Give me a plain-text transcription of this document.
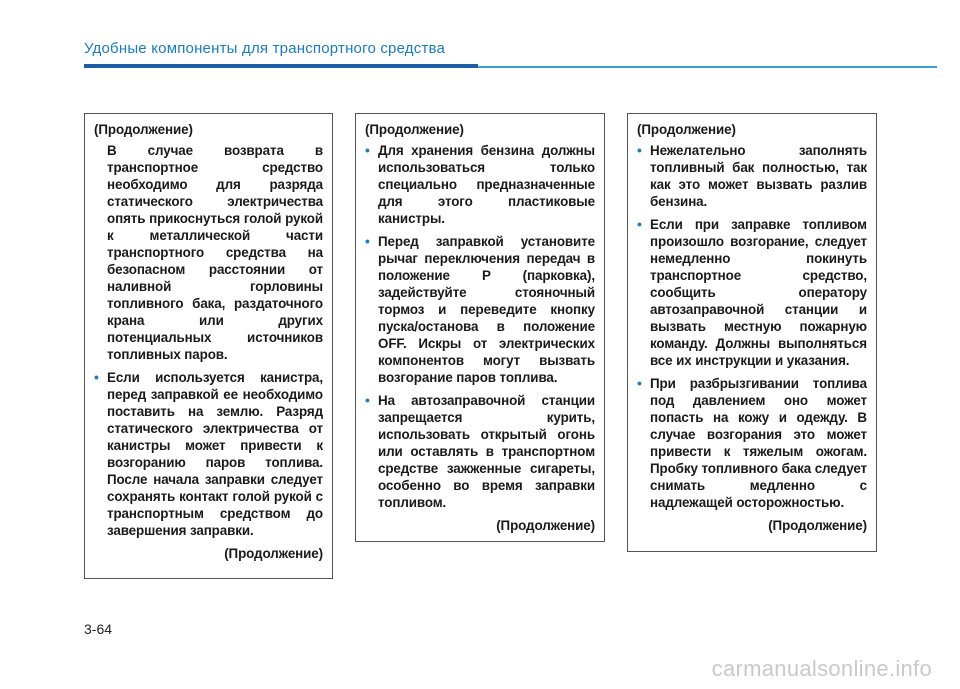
Удобные компоненты для транспортного средства
(Продолжение)
В случае возврата в транспортное средство необходимо для разряда статического электричества опять прикоснуться голой рукой к металлической части транспортного средства на безопасном расстоянии от наливной горловины топливного бака, раздаточного крана или других потенциальных источников топливных паров.
• Если используется канистра, перед заправкой ее необходимо поставить на землю. Разряд статического электричества от канистры может привести к возгоранию паров топлива. После начала заправки следует сохранять контакт голой рукой с транспортным средством до завершения заправки.
(Продолжение)
(Продолжение)
• Для хранения бензина должны использоваться только специально предназначенные для этого пластиковые канистры.
• Перед заправкой установите рычаг переключения передач в положение P (парковка), задействуйте стояночный тормоз и переведите кнопку пуска/останова в положение OFF. Искры от электрических компонентов могут вызвать возгорание паров топлива.
• На автозаправочной станции запрещается курить, использовать открытый огонь или оставлять в транспортном средстве зажженные сигареты, особенно во время заправки топливом.
(Продолжение)
(Продолжение)
• Нежелательно заполнять топливный бак полностью, так как это может вызвать разлив бензина.
• Если при заправке топливом произошло возгорание, следует немедленно покинуть транспортное средство, сообщить оператору автозаправочной станции и вызвать местную пожарную команду. Должны выполняться все их инструкции и указания.
• При разбрызгивании топлива под давлением оно может попасть на кожу и одежду. В случае возгорания это может привести к тяжелым ожогам. Пробку топливного бака следует снимать медленно с надлежащей осторожностью.
(Продолжение)
3-64
carmanualsonline.info
